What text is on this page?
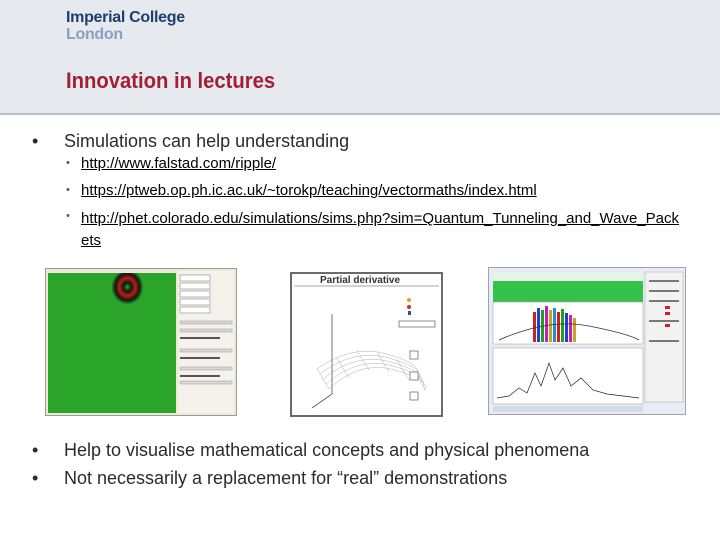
Imperial College
London
Innovation in lectures
• Simulations can help understanding
• http://www.falstad.com/ripple/
• https://ptweb.op.ph.ic.ac.uk/~torokp/teaching/vectormaths/index.html
• http://phet.colorado.edu/simulations/sims.php?sim=Quantum_Tunneling_and_Wave_Packets
Partial derivative
• Help to visualise mathematical concepts and physical phenomena
• Not necessarily a replacement for “real” demonstrations
